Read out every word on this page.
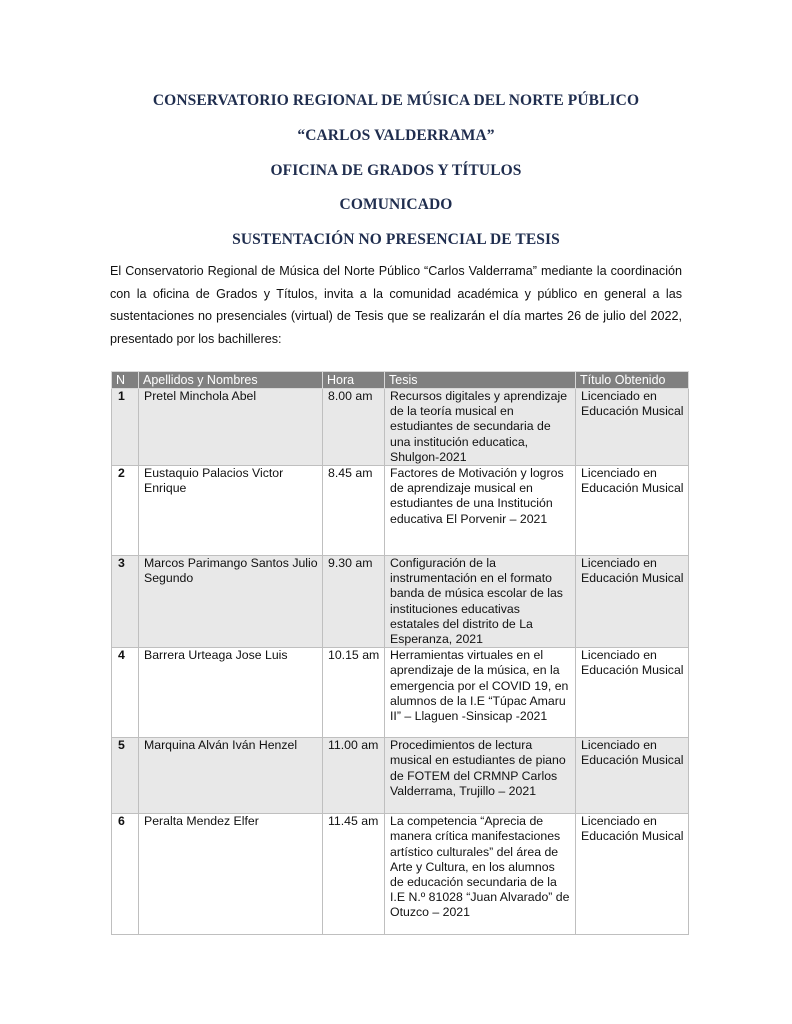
CONSERVATORIO REGIONAL DE MÚSICA DEL NORTE PÚBLICO
“CARLOS VALDERRAMA”
OFICINA DE GRADOS Y TÍTULOS
COMUNICADO
SUSTENTACIÓN NO PRESENCIAL DE TESIS
El Conservatorio Regional de Música del Norte Público “Carlos Valderrama” mediante la coordinación con la oficina de Grados y Títulos, invita a la comunidad académica y público en general a las sustentaciones no presenciales (virtual) de Tesis que se realizarán el día martes 26 de julio del 2022, presentado por los bachilleres:
N	Apellidos y Nombres	Hora	Tesis	Título Obtenido
1	Pretel Minchola Abel	8.00 am	Recursos digitales y aprendizaje de la teoría musical en estudiantes de secundaria de una institución educatica, Shulgon-2021	Licenciado en Educación Musical
2	Eustaquio Palacios Victor Enrique	8.45 am	Factores de Motivación y logros de aprendizaje musical en estudiantes de una Institución educativa El Porvenir – 2021	Licenciado en Educación Musical
3	Marcos Parimango Santos Julio Segundo	9.30 am	Configuración de la instrumentación en el formato banda de música escolar de las instituciones educativas estatales del distrito de La Esperanza, 2021	Licenciado en Educación Musical
4	Barrera Urteaga Jose Luis	10.15 am	Herramientas virtuales en el aprendizaje de la música, en la emergencia por el COVID 19, en alumnos de la I.E “Túpac Amaru II” – Llaguen -Sinsicap -2021	Licenciado en Educación Musical
5	Marquina Alván Iván Henzel	11.00 am	Procedimientos de lectura musical en estudiantes de piano de FOTEM del CRMNP Carlos Valderrama, Trujillo – 2021	Licenciado en Educación Musical
6	Peralta Mendez Elfer	11.45 am	La competencia “Aprecia de manera crítica manifestaciones artístico culturales” del área de Arte y Cultura, en los alumnos de educación secundaria de la I.E N.º 81028 “Juan Alvarado” de Otuzco – 2021	Licenciado en Educación Musical
